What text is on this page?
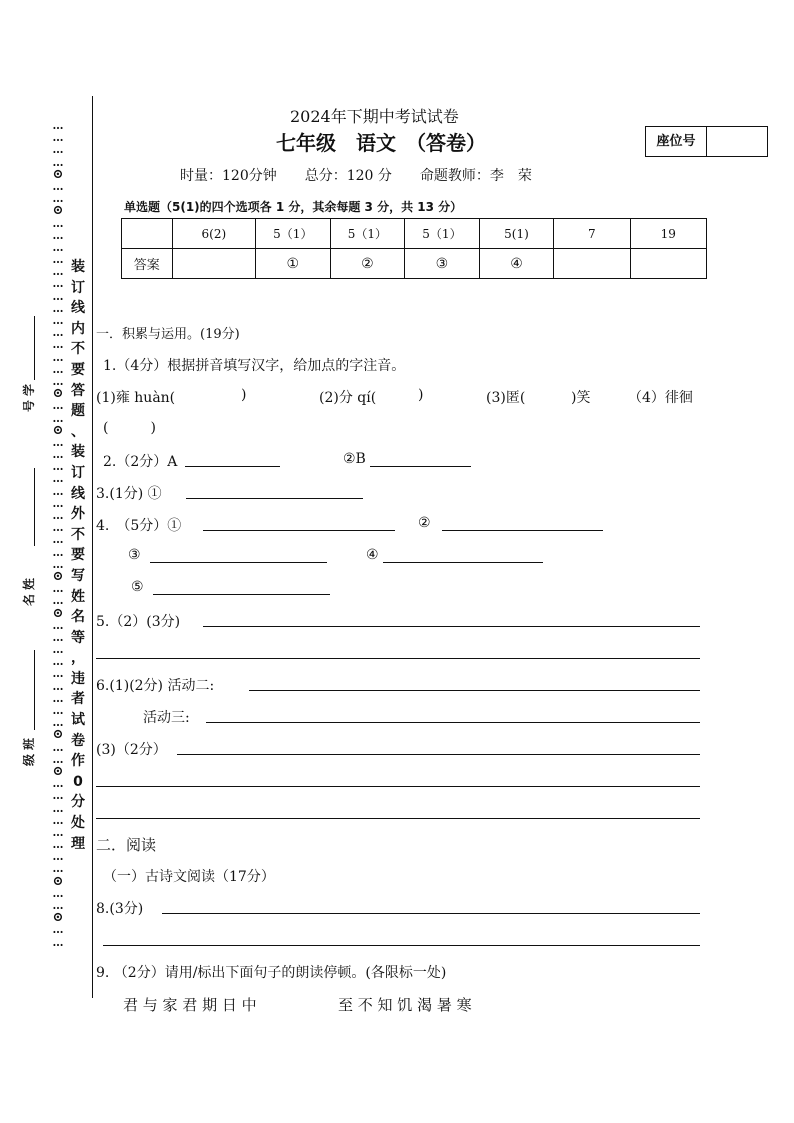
…
…
…
…
⊙
…
…
⊙
…
…
…
…
…
…
…
…
…
…
…
…
…
…
⊙
…
…
⊙
…
…
…
…
…
…
…
…
…
…
…
⊙
…
…
⊙
…
…
…
…
…
…
…
…
…
⊙
…
…
⊙
…
…
…
…
…
…
…
…
⊙
…
…
⊙
…
…
装
订
线
内
不
要
答
题
、
装
订
线
外
不
要
写
姓
名
等
，
违
者
试
卷
作
0
分
处
理
学
号
姓
名
班
级
2024年下期中考试试卷
七年级　语文　（答卷）	座位号
时量：120分钟　　总分：120 分　　命题教师：李　荣
单选题（5(1)的四个选项各 1 分，其余每题 3 分，共 13 分）
	6(2)	5（1）	5（1）	5（1）	5(1)	7	19
答案		①	②	③	④		
一．积累与运用。(19分)
1.（4分）根据拼音填写汉字，给加点的字注音。
(1)雍 huàn(	)	(2)分 qí(	)	(3)匿(	)笑	（4）徘徊
(　　　)
2.（2分）A	②B
3.(1分) ①
4.　（5分）①	②
③	④
⑤
5.（2）(3分)
6.(1)(2分) 活动二:
活动三:
(3)（2分）
二．阅读
（一）古诗文阅读（17分）
8.(3分)
9. （2分）请用/标出下面句子的朗读停顿。(各限标一处)
君 与 家 君 期 日 中	至 不 知 饥 渴 暑 寒
